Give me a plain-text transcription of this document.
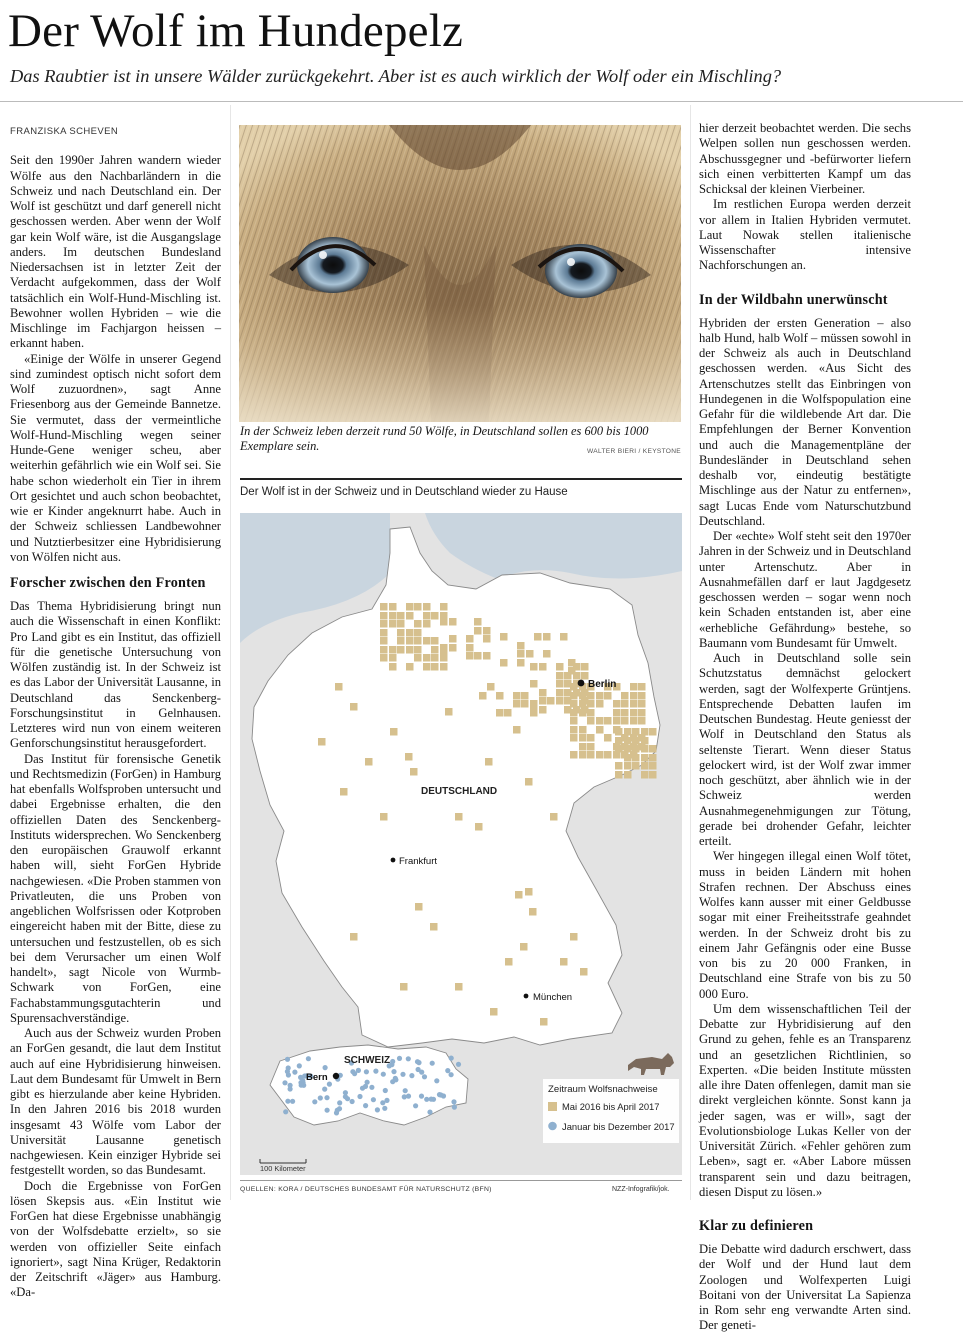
Der Wolf im Hundepelz

Das Raubtier ist in unsere Wälder zurückgekehrt. Aber ist es auch wirklich der Wolf oder ein Mischling?

FRANZISKA SCHEVEN

Seit den 1990er Jahren wandern wieder Wölfe aus den Nachbarländern in die Schweiz und nach Deutschland ein. Der Wolf ist geschützt und darf generell nicht geschossen werden. Aber wenn der Wolf gar kein Wolf wäre, ist die Ausgangslage anders. Im deutschen Bundesland Niedersachsen ist in letzter Zeit der Verdacht aufgekommen, dass der Wolf tatsächlich ein Wolf-Hund-Mischling ist. Bewohner wollen Hybriden – wie die Mischlinge im Fachjargon heissen – erkannt haben.

«Einige der Wölfe in unserer Gegend sind zumindest optisch nicht sofort dem Wolf zuzuordnen», sagt Anne Friesenborg aus der Gemeinde Bannetze. Sie vermutet, dass der vermeintliche Wolf-Hund-Mischling wegen seiner Hunde-Gene weniger scheu, aber weiterhin gefährlich wie ein Wolf sei. Sie habe schon wiederholt ein Tier in ihrem Ort gesichtet und auch schon beobachtet, wie er Kinder angeknurrt habe. Auch in der Schweiz schliessen Landbewohner und Nutztierbesitzer eine Hybridisierung von Wölfen nicht aus.

Forscher zwischen den Fronten

Das Thema Hybridisierung bringt nun auch die Wissenschaft in einen Konflikt: Pro Land gibt es ein Institut, das offiziell für die genetische Untersuchung von Wölfen zuständig ist. In der Schweiz ist es das Labor der Universität Lausanne, in Deutschland das Senckenberg-Forschungsinstitut in Gelnhausen. Letzteres wird nun von einem weiteren Genforschungsinstitut herausgefordert.

Das Institut für forensische Genetik und Rechtsmedizin (ForGen) in Hamburg hat ebenfalls Wolfsproben untersucht und dabei Ergebnisse erhalten, die den offiziellen Daten des Senckenberg-Instituts widersprechen. Wo Senckenberg den europäischen Grauwolf erkannt haben will, sieht ForGen Hybride nachgewiesen. «Die Proben stammen von Privatleuten, die uns Proben von angeblichen Wolfsrissen oder Kotproben eingereicht haben mit der Bitte, diese zu untersuchen und festzustellen, ob es sich bei dem Verursacher um einen Wolf handelt», sagt Nicole von Wurmb-Schwark von ForGen, eine Fachabstammungsgutachterin und Spurensachverständige.

Auch aus der Schweiz wurden Proben an ForGen gesandt, die laut dem Institut auch auf eine Hybridisierung hinweisen. Laut dem Bundesamt für Umwelt in Bern gibt es hierzulande aber keine Hybriden. In den Jahren 2016 bis 2018 wurden insgesamt 43 Wölfe vom Labor der Universität Lausanne genetisch nachgewiesen. Kein einziger Hybride sei festgestellt worden, so das Bundesamt.

Doch die Ergebnisse von ForGen lösen Skepsis aus. «Ein Institut wie ForGen hat diese Ergebnisse unabhängig von der Wolfsdebatte erzielt», so sie werden von offizieller Seite einfach ignoriert», sagt Nina Krüger, Redaktorin der Zeitschrift «Jäger» aus Hamburg. «Da-

In der Schweiz leben derzeit rund 50 Wölfe, in Deutschland sollen es 600 bis 1000 Exemplare sein.	WALTER BIERI / KEYSTONE
Der Wolf ist in der Schweiz und in Deutschland wieder zu Hause
Berlin
Frankfurt
München
Bern
DEUTSCHLAND
SCHWEIZ
Zeitraum Wolfsnachweise
Mai 2016 bis April 2017
Januar bis Dezember 2017
100 Kilometer
QUELLEN: KORA / DEUTSCHES BUNDESAMT FÜR NATURSCHUTZ (BFN)	NZZ-Infografik/jok.

hier derzeit beobachtet werden. Die sechs Welpen sollen nun geschossen werden. Abschussgegner und -befürworter liefern sich einen verbitterten Kampf um das Schicksal der kleinen Vierbeiner.

Im restlichen Europa werden derzeit vor allem in Italien Hybriden vermutet. Laut Nowak stellen italienische Wissenschafter intensive Nachforschungen an.

In der Wildbahn unerwünscht

Hybriden der ersten Generation – also halb Hund, halb Wolf – müssen sowohl in der Schweiz als auch in Deutschland geschossen werden. «Aus Sicht des Artenschutzes stellt das Einbringen von Hundegenen in die Wolfspopulation eine Gefahr für die wildlebende Art dar. Die Empfehlungen der Berner Konvention und auch die Managementpläne der Bundesländer in Deutschland sehen deshalb vor, eindeutig bestätigte Mischlinge aus der Natur zu entfernen», sagt Lucas Ende vom Naturschutzbund Deutschland.

Der «echte» Wolf steht seit den 1970er Jahren in der Schweiz und in Deutschland unter Artenschutz. Aber in Ausnahmefällen darf er laut Jagdgesetz geschossen werden – sogar wenn noch kein Schaden entstanden ist, aber eine «erhebliche Gefährdung» bestehe, so Baumann vom Bundesamt für Umwelt.

Auch in Deutschland solle sein Schutzstatus demnächst gelockert werden, sagt der Wolfexperte Grüntjens. Entsprechende Debatten laufen im Deutschen Bundestag. Heute geniesst der Wolf in Deutschland den Status als seltenste Tierart. Wenn dieser Status gelockert wird, ist der Wolf zwar immer noch geschützt, aber ähnlich wie in der Schweiz werden Ausnahmegenehmigungen zur Tötung, gerade bei drohender Gefahr, leichter erteilt.

Wer hingegen illegal einen Wolf tötet, muss in beiden Ländern mit hohen Strafen rechnen. Der Abschuss eines Wolfes kann ausser mit einer Geldbusse sogar mit einer Freiheitsstrafe geahndet werden. In der Schweiz droht bis zu einem Jahr Gefängnis oder eine Busse von bis zu 20 000 Franken, in Deutschland eine Strafe von bis zu 50 000 Euro.

Um dem wissenschaftlichen Teil der Debatte zur Hybridisierung auf den Grund zu gehen, fehle es an Transparenz und an gesetzlichen Richtlinien, so Experten. «Die beiden Institute müssten alle ihre Daten offenlegen, damit man sie direkt vergleichen könnte. Sonst kann ja jeder sagen, was er will», sagt der Evolutionsbiologe Lukas Keller von der Universität Zürich. «Fehler gehören zum Leben», sagt er. «Aber Labore müssen transparent sein und dazu beitragen, diesen Disput zu lösen.»

Klar zu definieren

Die Debatte wird dadurch erschwert, dass der Wolf und der Hund laut dem Zoologen und Wolfexperten Luigi Boitani von der Universitat La Sapienza in Rom sehr eng verwandte Arten sind. Der geneti-
